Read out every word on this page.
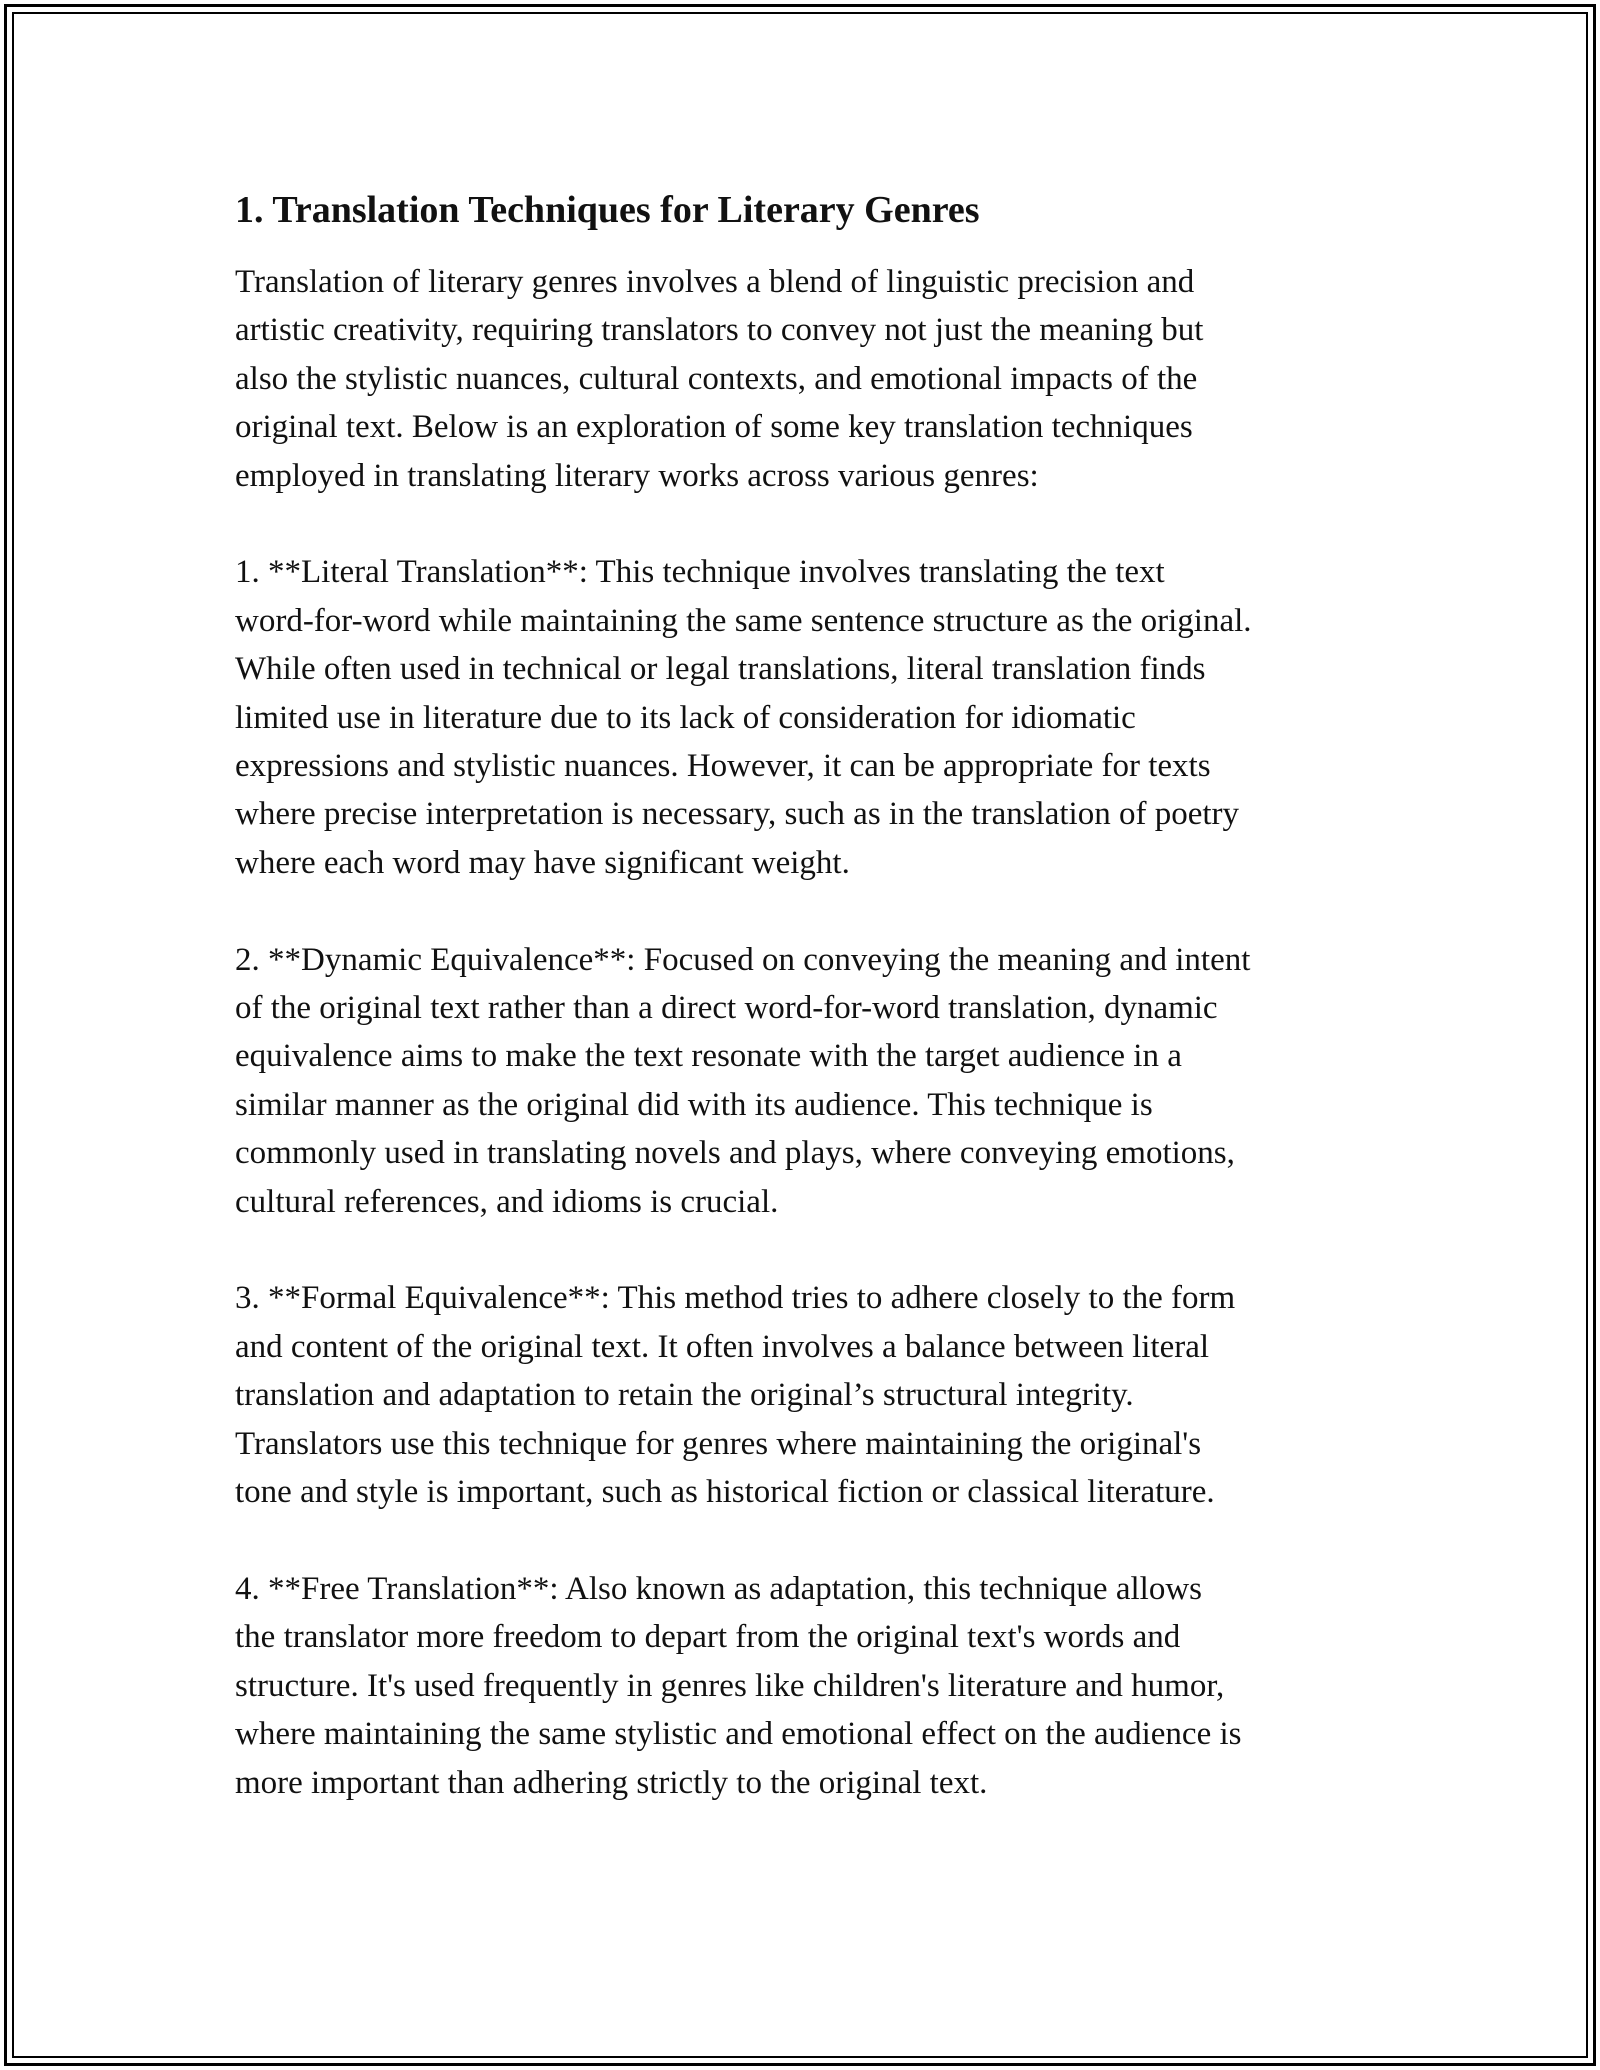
1. Translation Techniques for Literary Genres

Translation of literary genres involves a blend of linguistic precision and
artistic creativity, requiring translators to convey not just the meaning but
also the stylistic nuances, cultural contexts, and emotional impacts of the
original text. Below is an exploration of some key translation techniques
employed in translating literary works across various genres:

1. **Literal Translation**: This technique involves translating the text
word-for-word while maintaining the same sentence structure as the original.
While often used in technical or legal translations, literal translation finds
limited use in literature due to its lack of consideration for idiomatic
expressions and stylistic nuances. However, it can be appropriate for texts
where precise interpretation is necessary, such as in the translation of poetry
where each word may have significant weight.

2. **Dynamic Equivalence**: Focused on conveying the meaning and intent
of the original text rather than a direct word-for-word translation, dynamic
equivalence aims to make the text resonate with the target audience in a
similar manner as the original did with its audience. This technique is
commonly used in translating novels and plays, where conveying emotions,
cultural references, and idioms is crucial.

3. **Formal Equivalence**: This method tries to adhere closely to the form
and content of the original text. It often involves a balance between literal
translation and adaptation to retain the original’s structural integrity.
Translators use this technique for genres where maintaining the original's
tone and style is important, such as historical fiction or classical literature.

4. **Free Translation**: Also known as adaptation, this technique allows
the translator more freedom to depart from the original text's words and
structure. It's used frequently in genres like children's literature and humor,
where maintaining the same stylistic and emotional effect on the audience is
more important than adhering strictly to the original text.
